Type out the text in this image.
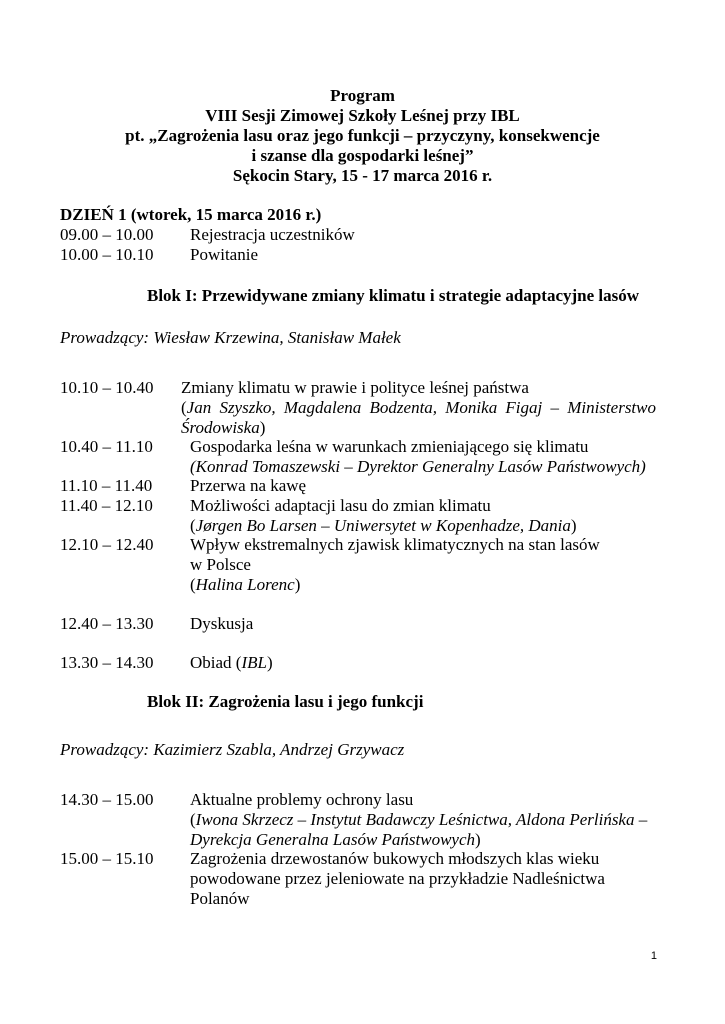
Program
VIII Sesji Zimowej Szkoły Leśnej przy IBL
pt. „Zagrożenia lasu oraz jego funkcji – przyczyny, konsekwencje
i szanse dla gospodarki leśnej”
Sękocin Stary, 15 - 17 marca 2016 r.
DZIEŃ 1 (wtorek, 15 marca 2016 r.)
09.00 – 10.00 Rejestracja uczestników
10.00 – 10.10 Powitanie
Blok I: Przewidywane zmiany klimatu i strategie adaptacyjne lasów
Prowadzący: Wiesław Krzewina, Stanisław Małek
10.10 – 10.40 Zmiany klimatu w prawie i polityce leśnej państwa
(Jan Szyszko, Magdalena Bodzenta, Monika Figaj – Ministerstwo
Środowiska)
10.40 – 11.10	Gospodarka leśna w warunkach zmieniającego się klimatu
(Konrad Tomaszewski – Dyrektor Generalny Lasów Państwowych)
11.10 – 11.40 Przerwa na kawę
11.40 – 12.10	Możliwości adaptacji lasu do zmian klimatu
(Jørgen Bo Larsen – Uniwersytet w Kopenhadze, Dania)
12.10 – 12.40	Wpływ ekstremalnych zjawisk klimatycznych na stan lasów
w Polsce
(Halina Lorenc)
12.40 – 13.30 Dyskusja
13.30 – 14.30 Obiad (IBL)
Blok II: Zagrożenia lasu i jego funkcji
Prowadzący: Kazimierz Szabla, Andrzej Grzywacz
14.30 – 15.00	Aktualne problemy ochrony lasu
(Iwona Skrzecz – Instytut Badawczy Leśnictwa, Aldona Perlińska –
Dyrekcja Generalna Lasów Państwowych)
15.00 – 15.10	Zagrożenia drzewostanów bukowych młodszych klas wieku
powodowane przez jeleniowate na przykładzie Nadleśnictwa
Polanów
1
